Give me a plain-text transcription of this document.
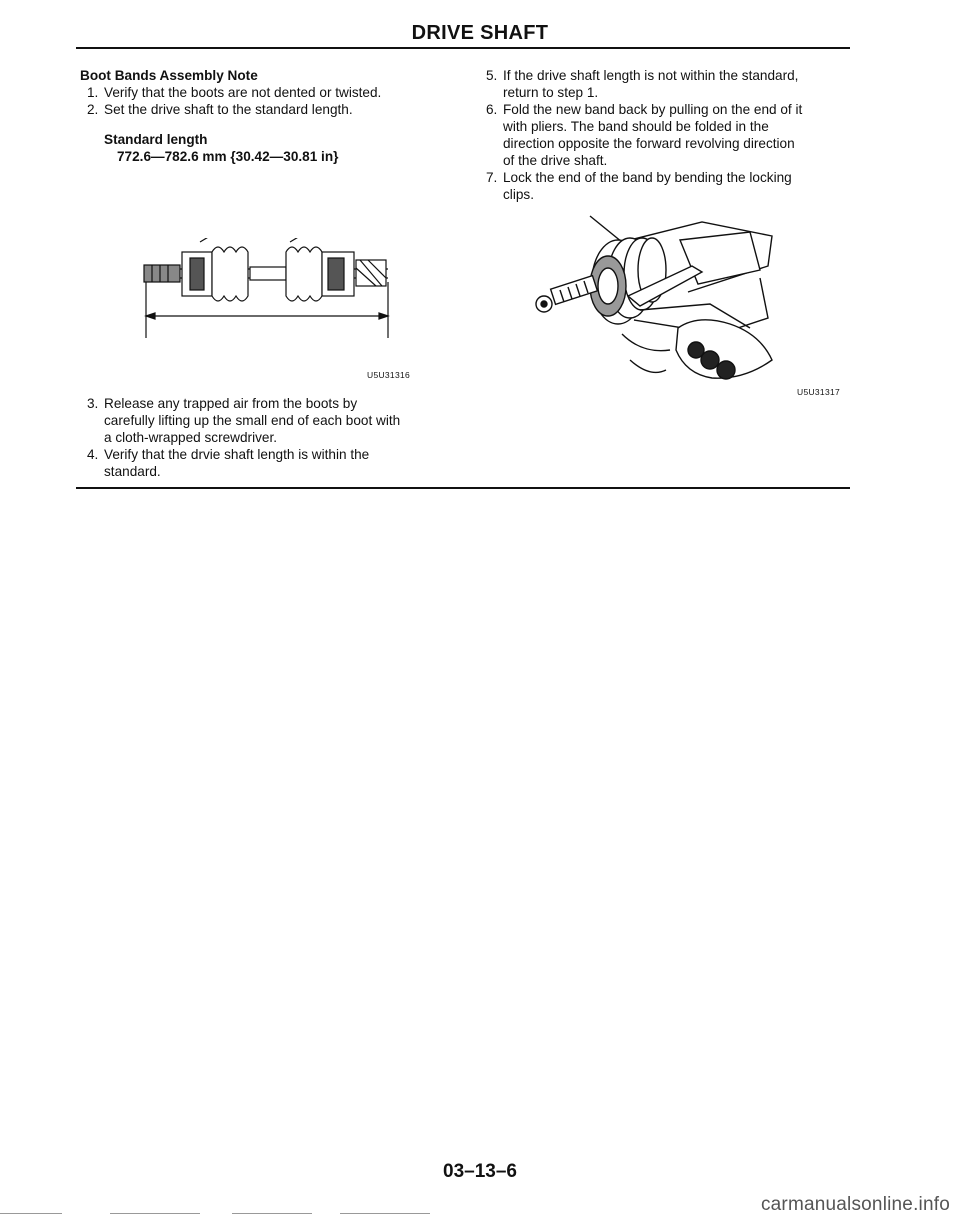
DRIVE SHAFT
Boot Bands Assembly Note
1. Verify that the boots are not dented or twisted.
2. Set the drive shaft to the standard length.
Standard length
772.6—782.6 mm {30.42—30.81 in}
U5U31316
3. Release any trapped air from the boots by
carefully lifting up the small end of each boot with
a cloth-wrapped screwdriver.
4. Verify that the drvie shaft length is within the
standard.
5. If the drive shaft length is not within the standard,
return to step 1.
6. Fold the new band back by pulling on the end of it
with pliers. The band should be folded in the
direction opposite the forward revolving direction
of the drive shaft.
7. Lock the end of the band by bending the locking
clips.
U5U31317
03–13–6
carmanualsonline.info
